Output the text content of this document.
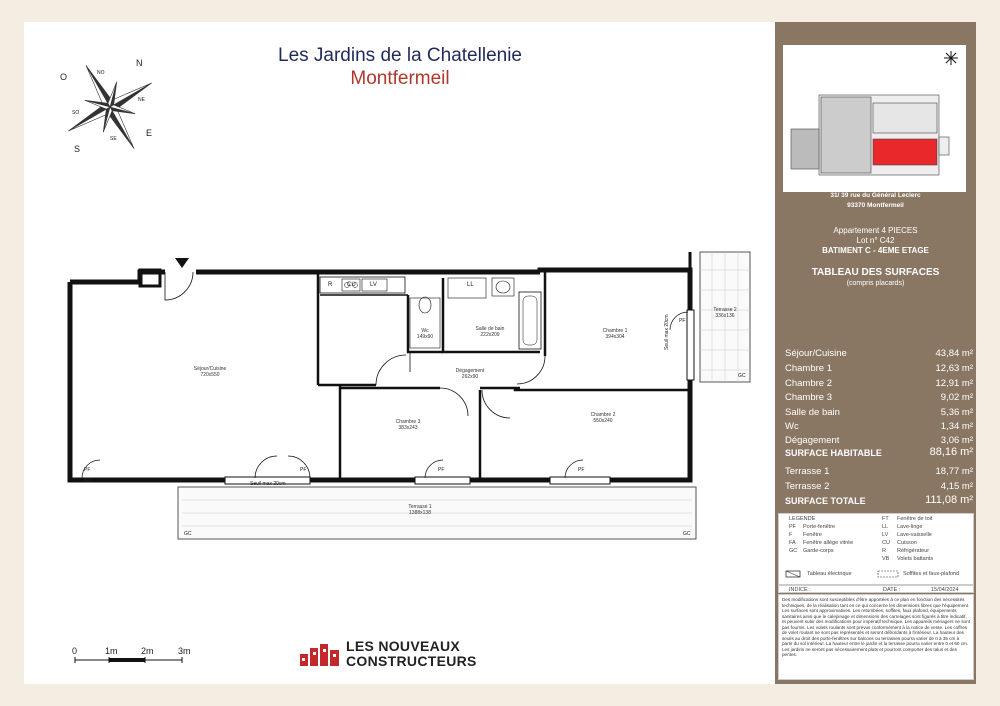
Les Jardins de la Chatellenie
Montfermeil
N
E
S
O	NO
NE
SE
SO
Séjour/Cuisine
720x550
Wc
149x90
Salle de bain
222x209
Chambre 1
394x304
Dégagement
262x90
Chambre 3
383x243
Chambre 2
550x240
Terrasse 1
1388x138
Terrasse 2
336x136
R CU LV	LL
PF	PF	PF	PF
PF
GC
GC	GC
GC
Seuil max 20cm
Seuil max 20cm
0	1m	2m	3m	LES NOUVEAUX
CONSTRUCTEURS
31/ 39 rue du Général Leclerc
93370 Montfermeil
Appartement 4 PIECES
Lot n° C42
BATIMENT C - 4EME ETAGE
TABLEAU DES SURFACES
(compris placards)
Séjour/Cuisine	43,84 m²
Chambre 1	12,63 m²
Chambre 2	12,91 m²
Chambre 3	9,02 m²
Salle de bain	5,36 m²
Wc	1,34 m²
Dégagement	3,06 m²
SURFACE HABITABLE	88,16 m²
Terrasse 1	18,77 m²
Terrasse 2	4,15 m²
SURFACE TOTALE	111,08 m²
LEGENDE
PF Porte-fenêtre
F Fenêtre
FA Fenêtre allège vitrée
GC Garde-corps
FT Fenêtre de toit
LL Lave-linge
LV Lave-vaisselle
CU Cuisson
R Réfrigérateur
VB Volets battants
Tableau électrique	Soffites et faux-plafond
INDICE :	DATE :	15/04/2024
Des modifications sont susceptibles d'être apportées à ce plan en fonction des nécessités techniques, de la réalisation tant en ce qui concerne les dimensions libres que l'équipement. Les surfaces sont approximatives. Les retombées, soffites, faux plafond, équipements sanitaires ainsi que le calepinage et dimensions des carrelages sont figurés à titre indicatif, et peuvent subir des modifications pour impératif technique. Les appareils ménagers ne sont pas fournis. Les volets roulants sont prévus conformément à la notice de vente. Les coffres de volet roulant ne sont pas représentés et seront débordants à l'intérieur. La hauteur des seuils au droit des porte-fenêtres sur balcons ou terrasses pourra varier de 0 à 35 cm à partir du sol intérieur. La hauteur entre le jardin et la terrasse pourra varier entre 0 et 60 cm. Les jardins ne seront pas nécessairement plats et pourront comporter des talus et des pentes.
